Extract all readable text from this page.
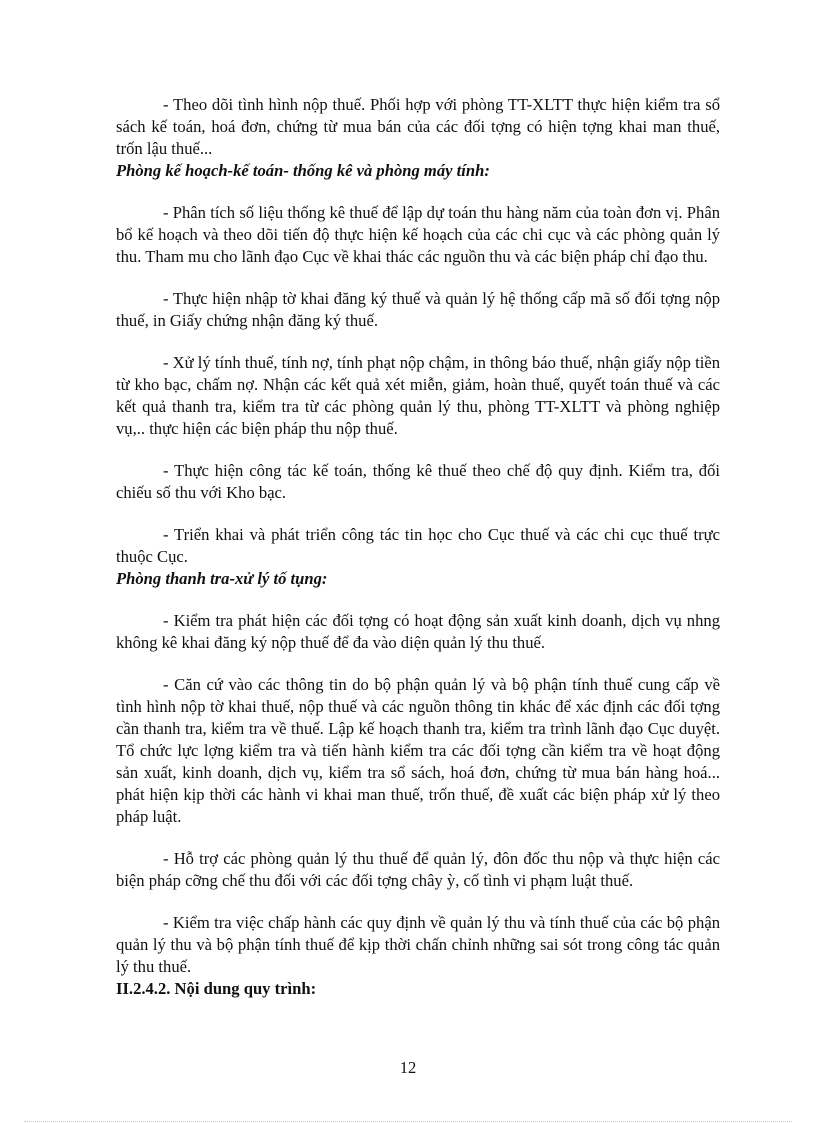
- Theo dõi tình hình nộp thuế. Phối hợp với phòng TT-XLTT thực hiện kiểm tra sổ sách kế toán, hoá đơn, chứng từ mua bán của các đối tợng có hiện tợng khai man thuế, trốn lậu thuế...

Phòng kế hoạch-kế toán- thống kê và phòng máy tính:

- Phân tích số liệu thống kê thuế để lập dự toán thu hàng năm của toàn đơn vị. Phân bổ kế hoạch và theo dõi tiến độ thực hiện kế hoạch của các chi cục và các phòng quản lý thu. Tham mu cho lãnh đạo Cục về khai thác các nguồn thu và các biện pháp chỉ đạo thu.

- Thực hiện nhập tờ khai đăng ký thuế và quản lý hệ thống cấp mã số đối tợng nộp thuế, in Giấy chứng nhận đăng ký thuế.

- Xử lý tính thuế, tính nợ, tính phạt nộp chậm, in thông báo thuế, nhận giấy nộp tiền từ kho bạc, chấm nợ. Nhận các kết quả xét miễn, giảm, hoàn thuế, quyết toán thuế và các kết quả thanh tra, kiểm tra từ các phòng quản lý thu, phòng TT-XLTT và phòng nghiệp vụ,.. thực hiện các biện pháp thu nộp thuế.

- Thực hiện công tác kế toán, thống kê thuế theo chế độ quy định. Kiểm tra, đối chiếu số thu với Kho bạc.

- Triển khai và phát triển công tác tin học cho Cục thuế và các chi cục thuế trực thuộc Cục.

Phòng thanh tra-xử lý tố tụng:

- Kiểm tra phát hiện các đối tợng có hoạt động sản xuất kinh doanh, dịch vụ nhng không kê khai đăng ký nộp thuế để đa vào diện quản lý thu thuế.

- Căn cứ vào các thông tin do bộ phận quản lý và bộ phận tính thuế cung cấp về tình hình nộp tờ khai thuế, nộp thuế và các nguồn thông tin khác để xác định các đối tợng cần thanh tra, kiểm tra về thuế. Lập kế hoạch thanh tra, kiểm tra trình lãnh đạo Cục duyệt. Tổ chức lực lợng kiểm tra và tiến hành kiểm tra các đối tợng cần kiểm tra về hoạt động sản xuất, kinh doanh, dịch vụ, kiểm tra sổ sách, hoá đơn, chứng từ mua bán hàng hoá... phát hiện kịp thời các hành vi khai man thuế, trốn thuế, đề xuất các biện pháp xử lý theo pháp luật.

- Hỗ trợ các phòng quản lý thu thuế để quản lý, đôn đốc thu nộp và thực hiện các biện pháp cỡng chế thu đối với các đối tợng chây ỳ, cố tình vi phạm luật thuế.

- Kiểm tra việc chấp hành các quy định về quản lý thu và tính thuế của các bộ phận quản lý thu và bộ phận tính thuế để kịp thời chấn chỉnh những sai sót trong công tác quản lý thu thuế.

II.2.4.2. Nội dung quy trình:

12
